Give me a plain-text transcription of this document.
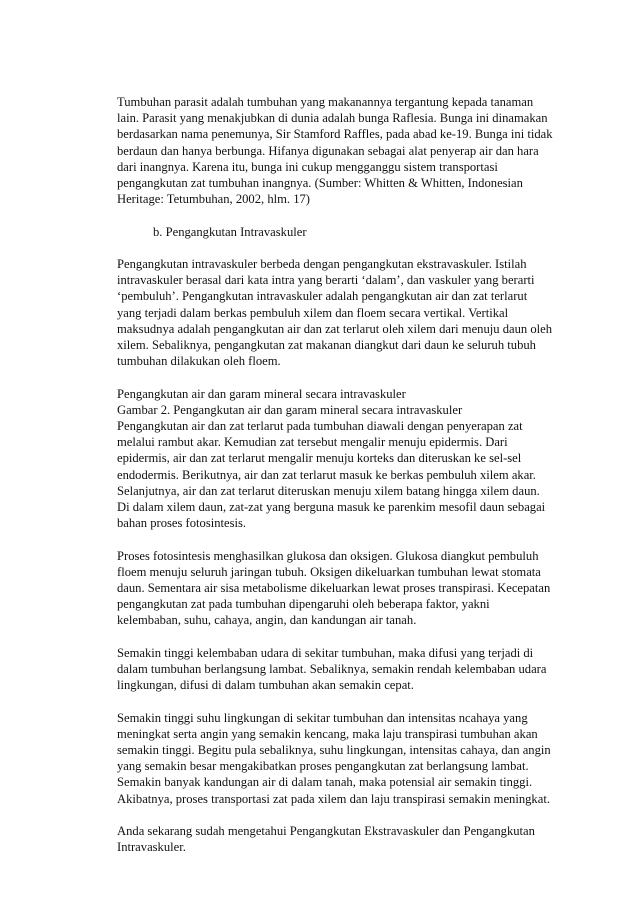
Tumbuhan parasit adalah tumbuhan yang makanannya tergantung kepada tanaman
lain. Parasit yang menakjubkan di dunia adalah bunga Raflesia. Bunga ini dinamakan
berdasarkan nama penemunya, Sir Stamford Raffles, pada abad ke-19. Bunga ini tidak
berdaun dan hanya berbunga. Hifanya digunakan sebagai alat penyerap air dan hara
dari inangnya. Karena itu, bunga ini cukup mengganggu sistem transportasi
pengangkutan zat tumbuhan inangnya. (Sumber: Whitten & Whitten, Indonesian
Heritage: Tetumbuhan, 2002, hlm. 17)
b. Pengangkutan Intravaskuler
Pengangkutan intravaskuler berbeda dengan pengangkutan ekstravaskuler. Istilah
intravaskuler berasal dari kata intra yang berarti ‘dalam’, dan vaskuler yang berarti
‘pembuluh’. Pengangkutan intravaskuler adalah pengangkutan air dan zat terlarut
yang terjadi dalam berkas pembuluh xilem dan floem secara vertikal. Vertikal
maksudnya adalah pengangkutan air dan zat terlarut oleh xilem dari menuju daun oleh
xilem. Sebaliknya, pengangkutan zat makanan diangkut dari daun ke seluruh tubuh
tumbuhan dilakukan oleh floem.
Pengangkutan air dan garam mineral secara intravaskuler
Gambar 2. Pengangkutan air dan garam mineral secara intravaskuler
Pengangkutan air dan zat terlarut pada tumbuhan diawali dengan penyerapan zat
melalui rambut akar. Kemudian zat tersebut mengalir menuju epidermis. Dari
epidermis, air dan zat terlarut mengalir menuju korteks dan diteruskan ke sel-sel
endodermis. Berikutnya, air dan zat terlarut masuk ke berkas pembuluh xilem akar.
Selanjutnya, air dan zat terlarut diteruskan menuju xilem batang hingga xilem daun.
Di dalam xilem daun, zat-zat yang berguna masuk ke parenkim mesofil daun sebagai
bahan proses fotosintesis.
Proses fotosintesis menghasilkan glukosa dan oksigen. Glukosa diangkut pembuluh
floem menuju seluruh jaringan tubuh. Oksigen dikeluarkan tumbuhan lewat stomata
daun. Sementara air sisa metabolisme dikeluarkan lewat proses transpirasi. Kecepatan
pengangkutan zat pada tumbuhan dipengaruhi oleh beberapa faktor, yakni
kelembaban, suhu, cahaya, angin, dan kandungan air tanah.
Semakin tinggi kelembaban udara di sekitar tumbuhan, maka difusi yang terjadi di
dalam tumbuhan berlangsung lambat. Sebaliknya, semakin rendah kelembaban udara
lingkungan, difusi di dalam tumbuhan akan semakin cepat.
Semakin tinggi suhu lingkungan di sekitar tumbuhan dan intensitas ncahaya yang
meningkat serta angin yang semakin kencang, maka laju transpirasi tumbuhan akan
semakin tinggi. Begitu pula sebaliknya, suhu lingkungan, intensitas cahaya, dan angin
yang semakin besar mengakibatkan proses pengangkutan zat berlangsung lambat.
Semakin banyak kandungan air di dalam tanah, maka potensial air semakin tinggi.
Akibatnya, proses transportasi zat pada xilem dan laju transpirasi semakin meningkat.
Anda sekarang sudah mengetahui Pengangkutan Ekstravaskuler dan Pengangkutan
Intravaskuler.
